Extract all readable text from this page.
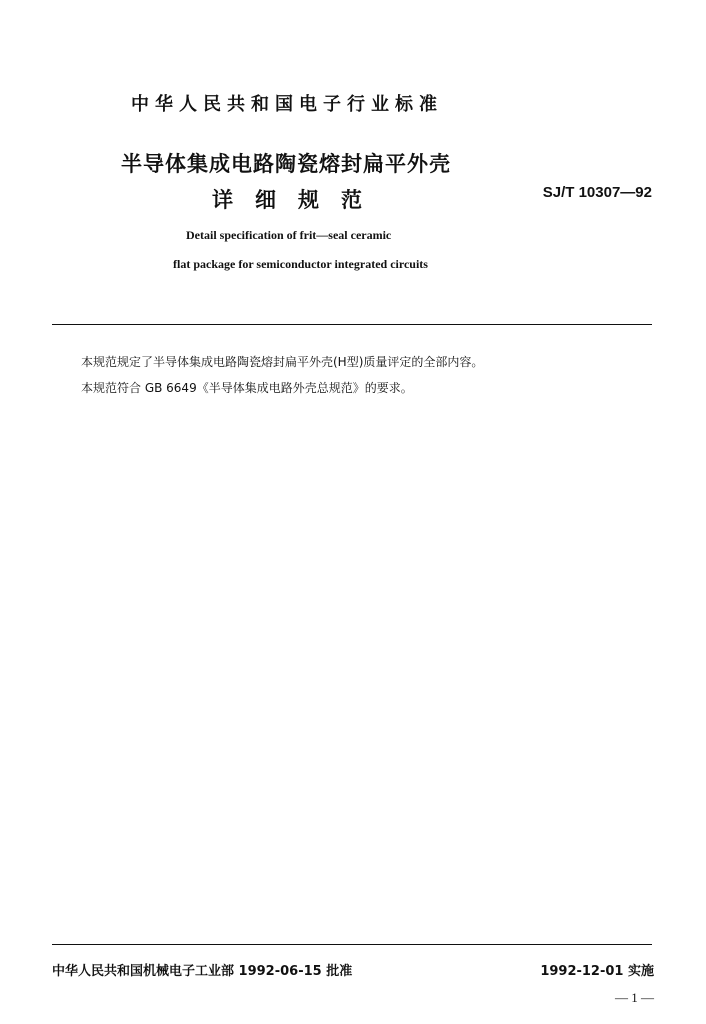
中华人民共和国电子行业标准
半导体集成电路陶瓷熔封扁平外壳
详细规范	SJ/T 10307—92
Detail specification of frit—seal ceramic
flat package for semiconductor integrated circuits
本规范规定了半导体集成电路陶瓷熔封扁平外壳(H型)质量评定的全部内容。
本规范符合 GB 6649《半导体集成电路外壳总规范》的要求。
中华人民共和国机械电子工业部 1992-06-15 批准	1992-12-01 实施
— 1 —
